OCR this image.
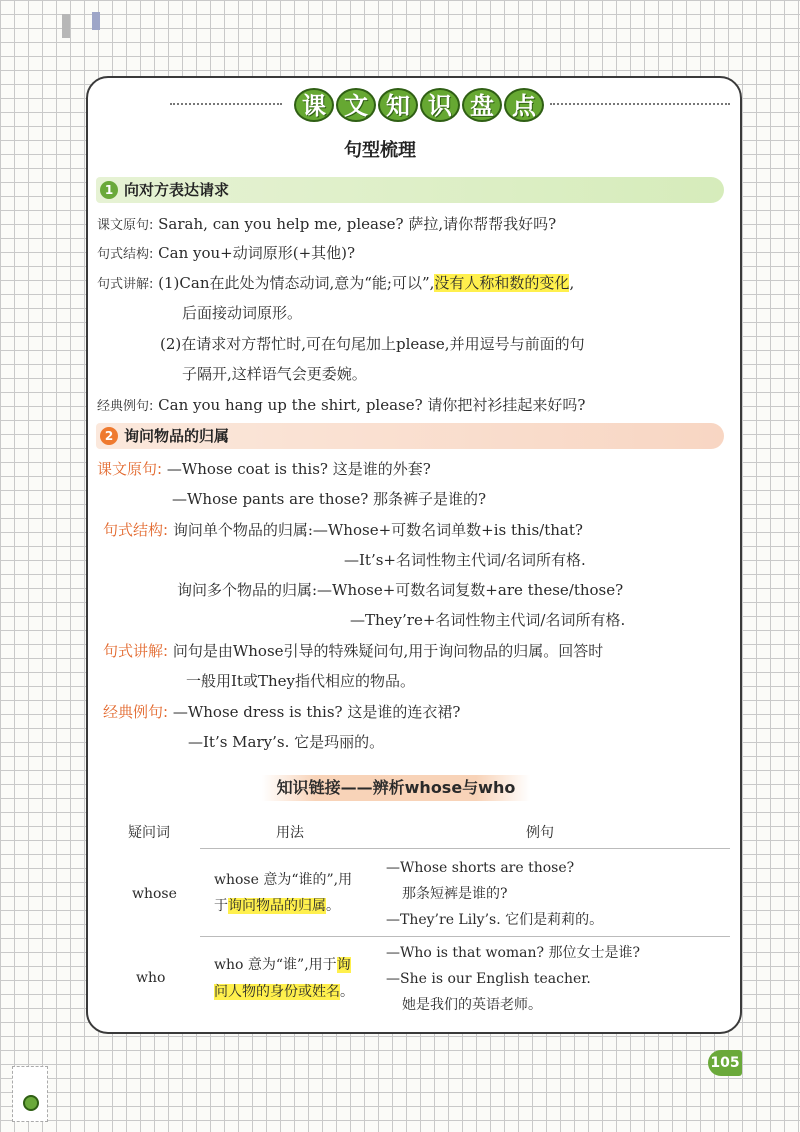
课 文 知 识 盘 点
句型梳理
1 向对方表达请求
课文原句: Sarah, can you help me, please? 萨拉,请你帮帮我好吗?
句式结构: Can you+动词原形(+其他)?
句式讲解: (1)Can在此处为情态动词,意为“能;可以”,没有人称和数的变化,
后面接动词原形。
(2)在请求对方帮忙时,可在句尾加上please,并用逗号与前面的句
子隔开,这样语气会更委婉。
经典例句: Can you hang up the shirt, please? 请你把衬衫挂起来好吗?
2 询问物品的归属
课文原句: —Whose coat is this? 这是谁的外套?
—Whose pants are those? 那条裤子是谁的?
句式结构: 询问单个物品的归属:—Whose+可数名词单数+is this/that?
—It’s+名词性物主代词/名词所有格.
询问多个物品的归属:—Whose+可数名词复数+are these/those?
—They’re+名词性物主代词/名词所有格.
句式讲解: 问句是由Whose引导的特殊疑问句,用于询问物品的归属。回答时
一般用It或They指代相应的物品。
经典例句: —Whose dress is this? 这是谁的连衣裙?
—It’s Mary’s. 它是玛丽的。
知识链接——辨析whose与who
疑问词	用法	例句
whose
whose 意为“谁的”,用
于询问物品的归属。
—Whose shorts are those?
那条短裤是谁的?
—They’re Lily’s. 它们是莉莉的。
who
who 意为“谁”,用于询
问人物的身份或姓名。
—Who is that woman? 那位女士是谁?
—She is our English teacher.
她是我们的英语老师。
105
